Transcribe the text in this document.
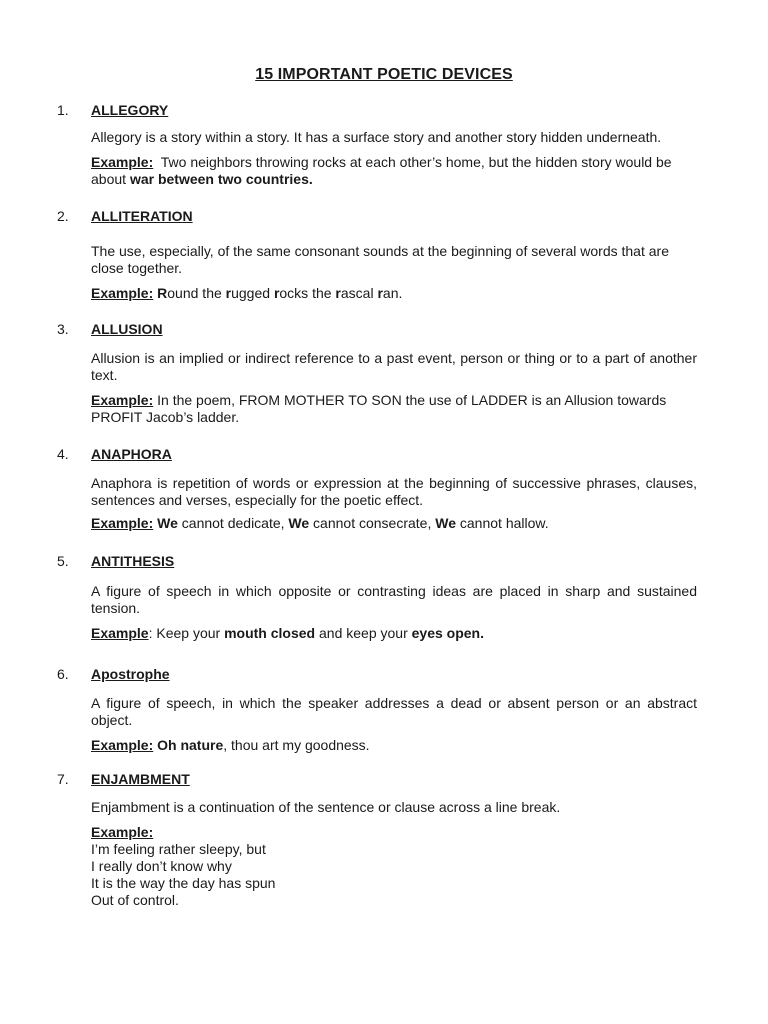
15 IMPORTANT POETIC DEVICES
1. ALLEGORY
Allegory is a story within a story. It has a surface story and another story hidden underneath.
Example:  Two neighbors throwing rocks at each other’s home, but the hidden story would be about war between two countries.
2. ALLITERATION
The use, especially, of the same consonant sounds at the beginning of several words that are close together.
Example: Round the rugged rocks the rascal ran.
3. ALLUSION
Allusion is an implied or indirect reference to a past event, person or thing or to a part of another text.
Example: In the poem, FROM MOTHER TO SON the use of LADDER is an Allusion towards PROFIT Jacob’s ladder.
4. ANAPHORA
Anaphora is repetition of words or expression at the beginning of successive phrases, clauses, sentences and verses, especially for the poetic effect.
Example: We cannot dedicate, We cannot consecrate, We cannot hallow.
5. ANTITHESIS
A figure of speech in which opposite or contrasting ideas are placed in sharp and sustained tension.
Example: Keep your mouth closed and keep your eyes open.
6. Apostrophe
A figure of speech, in which the speaker addresses a dead or absent person or an abstract object.
Example: Oh nature, thou art my goodness.
7. ENJAMBMENT
Enjambment is a continuation of the sentence or clause across a line break.
Example:
I’m feeling rather sleepy, but
I really don’t know why
It is the way the day has spun
Out of control.
